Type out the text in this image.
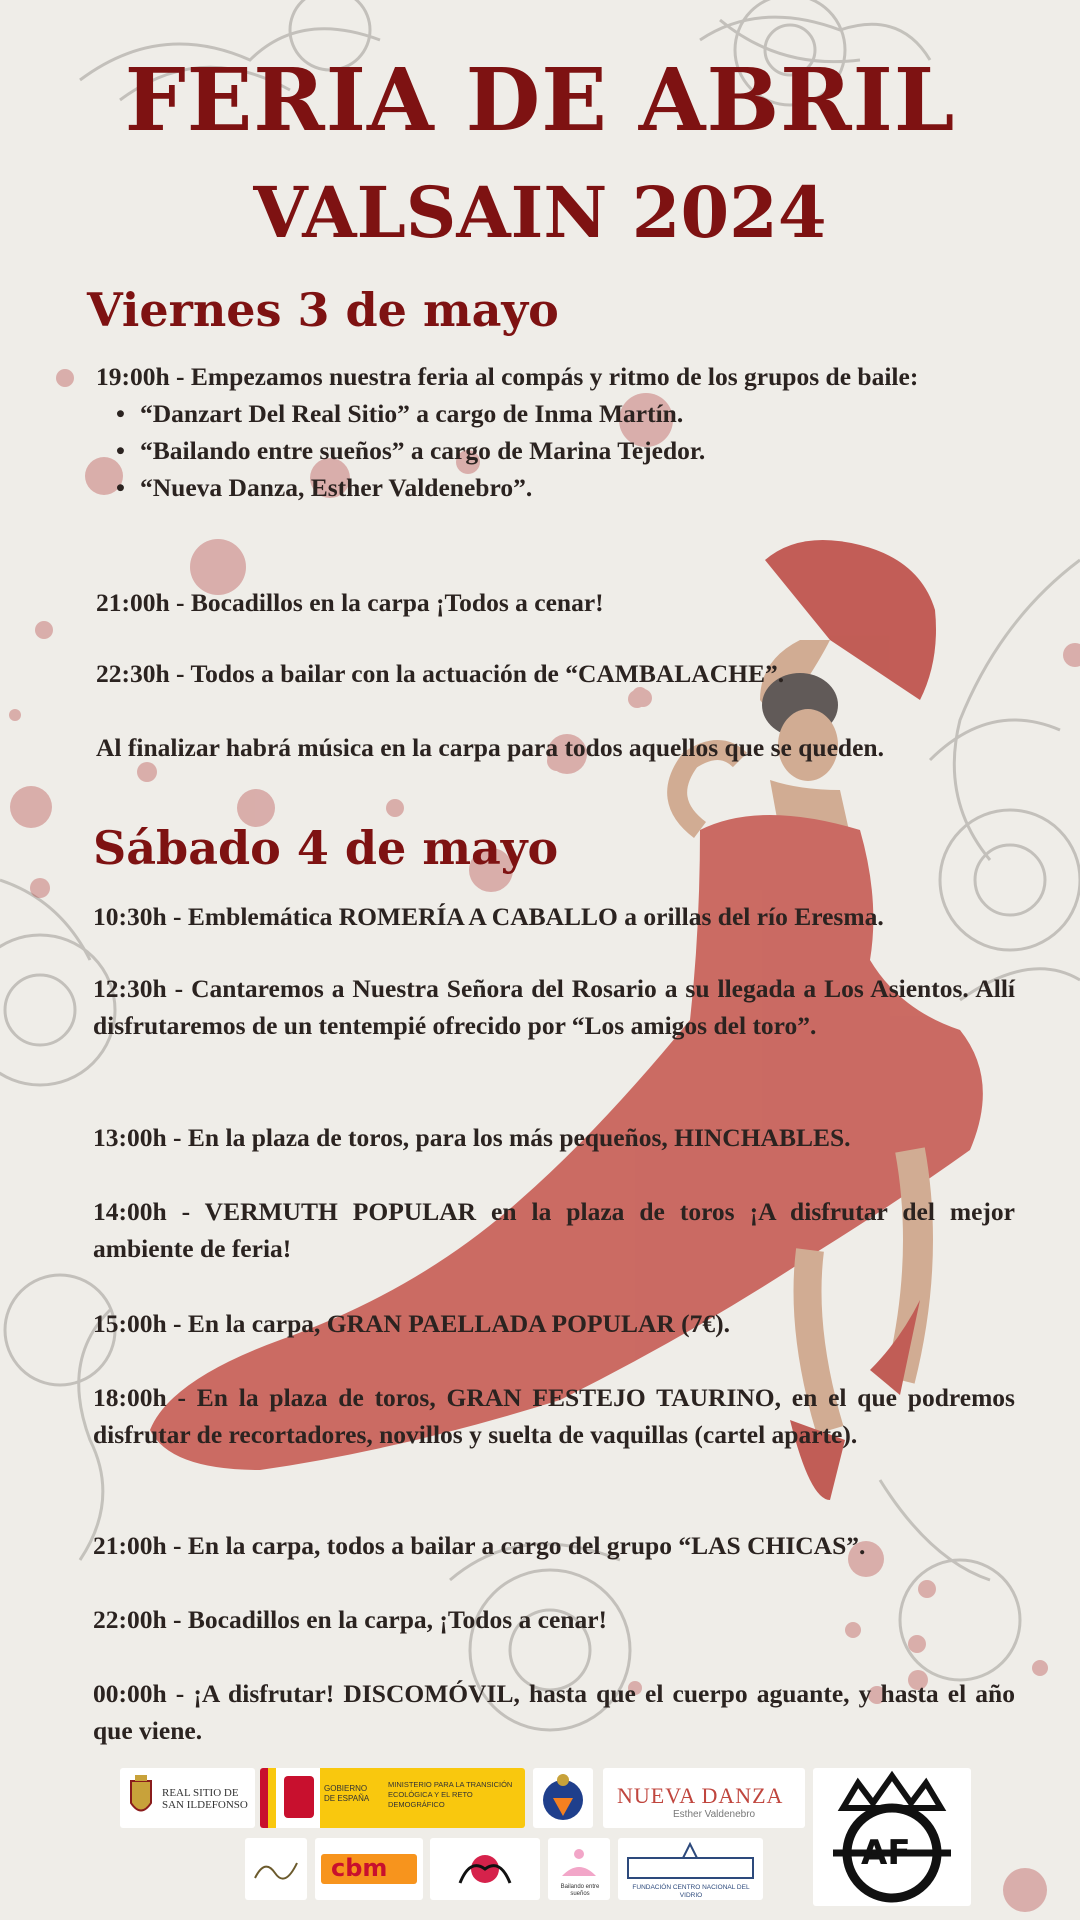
FERIA DE ABRIL
VALSAIN 2024
Viernes 3 de mayo

19:00h - Empezamos nuestra feria al compás y ritmo de los grupos de baile:

• “Danzart Del Real Sitio” a cargo de Inma Martín.
• “Bailando entre sueños” a cargo de Marina Tejedor.
• “Nueva Danza, Esther Valdenebro”.
21:00h - Bocadillos en la carpa ¡Todos a cenar!
22:30h - Todos a bailar con la actuación de “CAMBALACHE”.
Al finalizar habrá música en la carpa para todos aquellos que se queden.
Sábado 4 de mayo
10:30h - Emblemática ROMERÍA A CABALLO a orillas del río Eresma.
12:30h - Cantaremos a Nuestra Señora del Rosario a su llegada a Los Asientos. Allí disfrutaremos de un tentempié ofrecido por “Los amigos del toro”.
13:00h - En la plaza de toros, para los más pequeños, HINCHABLES.
14:00h - VERMUTH POPULAR en la plaza de toros ¡A disfrutar del mejor ambiente de feria!
15:00h - En la carpa, GRAN PAELLADA POPULAR (7€).
18:00h - En la plaza de toros, GRAN FESTEJO TAURINO, en el que podremos disfrutar de recortadores, novillos y suelta de vaquillas (cartel aparte).
21:00h - En la carpa, todos a bailar a cargo del grupo “LAS CHICAS”.
22:00h - Bocadillos en la carpa, ¡Todos a cenar!
00:00h - ¡A disfrutar! DISCOMÓVIL, hasta que el cuerpo aguante, y hasta el año que viene.
REAL SITIO DE
SAN ILDEFONSO
GOBIERNO DE ESPAÑA
MINISTERIO PARA LA TRANSICIÓN ECOLÓGICA Y EL RETO DEMOGRÁFICO	NUEVA DANZA
Esther Valdenebro
AF
cbm
Bailando entre sueños
FUNDACIÓN CENTRO NACIONAL DEL VIDRIO
